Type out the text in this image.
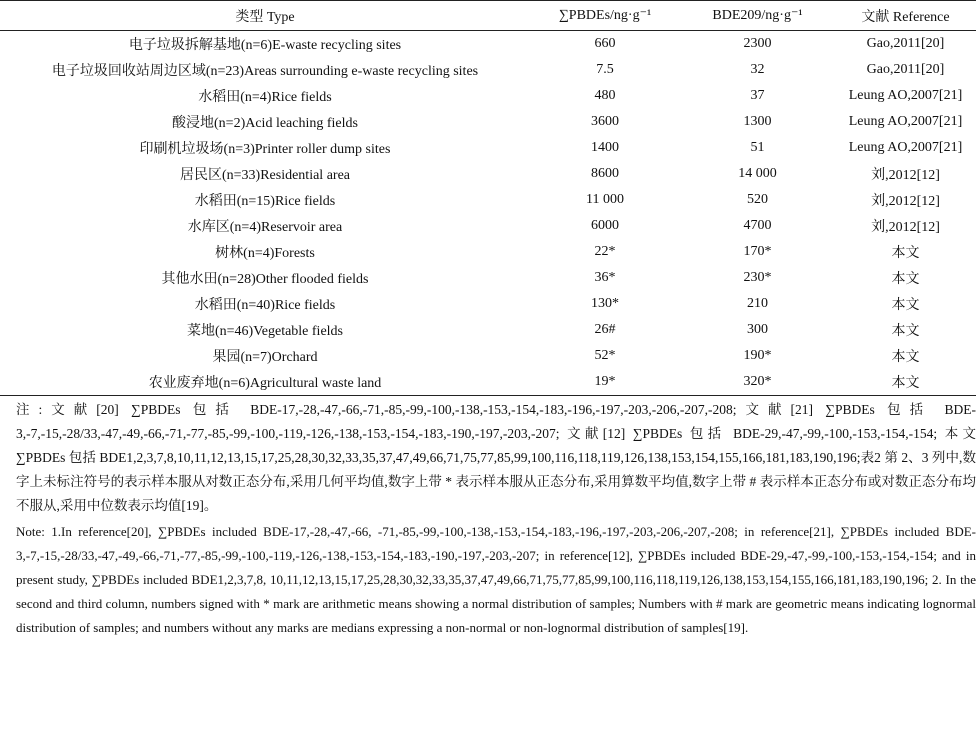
类型 Type	∑PBDEs/ng·g⁻¹	BDE209/ng·g⁻¹	文献 Reference
电子垃圾拆解基地(n=6)E-waste recycling sites	660	2300	Gao,2011[20]
电子垃圾回收站周边区域(n=23)Areas surrounding e-waste recycling sites	7.5	32	Gao,2011[20]
水稻田(n=4)Rice fields	480	37	Leung AO,2007[21]
酸浸地(n=2)Acid leaching fields	3600	1300	Leung AO,2007[21]
印刷机垃圾场(n=3)Printer roller dump sites	1400	51	Leung AO,2007[21]
居民区(n=33)Residential area	8600	14 000	刘,2012[12]
水稻田(n=15)Rice fields	11 000	520	刘,2012[12]
水库区(n=4)Reservoir area	6000	4700	刘,2012[12]
树林(n=4)Forests	22*	170*	本文
其他水田(n=28)Other flooded fields	36*	230*	本文
水稻田(n=40)Rice fields	130*	210	本文
菜地(n=46)Vegetable fields	26#	300	本文
果园(n=7)Orchard	52*	190*	本文
农业废弃地(n=6)Agricultural waste land	19*	320*	本文

注:文献[20] ∑PBDEs 包括 BDE-17,-28,-47,-66,-71,-85,-99,-100,-138,-153,-154,-183,-196,-197,-203,-206,-207,-208;文献[21] ∑PBDEs 包括 BDE-3,-7,-15,-28/33,-47,-49,-66,-71,-77,-85,-99,-100,-119,-126,-138,-153,-154,-183,-190,-197,-203,-207; 文献[12] ∑PBDEs 包括 BDE-29,-47,-99,-100,-153,-154,-154; 本文∑PBDEs 包括 BDE1,2,3,7,8,10,11,12,13,15,17,25,28,30,32,33,35,37,47,49,66,71,75,77,85,99,100,116,118,119,126,138,153,154,155,166,181,183,190,196;表2 第 2、3 列中,数字上未标注符号的表示样本服从对数正态分布,采用几何平均值,数字上带 * 表示样本服从正态分布,采用算数平均值,数字上带 # 表示样本正态分布或对数正态分布均不服从,采用中位数表示均值[19]。

Note: 1.In reference[20], ∑PBDEs included BDE-17,-28,-47,-66, -71,-85,-99,-100,-138,-153,-154,-183,-196,-197,-203,-206,-207,-208; in reference[21], ∑PBDEs included BDE-3,-7,-15,-28/33,-47,-49,-66,-71,-77,-85,-99,-100,-119,-126,-138,-153,-154,-183,-190,-197,-203,-207; in reference[12], ∑PBDEs included BDE-29,-47,-99,-100,-153,-154,-154; and in present study, ∑PBDEs included BDE1,2,3,7,8, 10,11,12,13,15,17,25,28,30,32,33,35,37,47,49,66,71,75,77,85,99,100,116,118,119,126,138,153,154,155,166,181,183,190,196; 2. In the second and third column, numbers signed with * mark are arithmetic means showing a normal distribution of samples; Numbers with # mark are geometric means indicating lognormal distribution of samples; and numbers without any marks are medians expressing a non-normal or non-lognormal distribution of samples[19].
